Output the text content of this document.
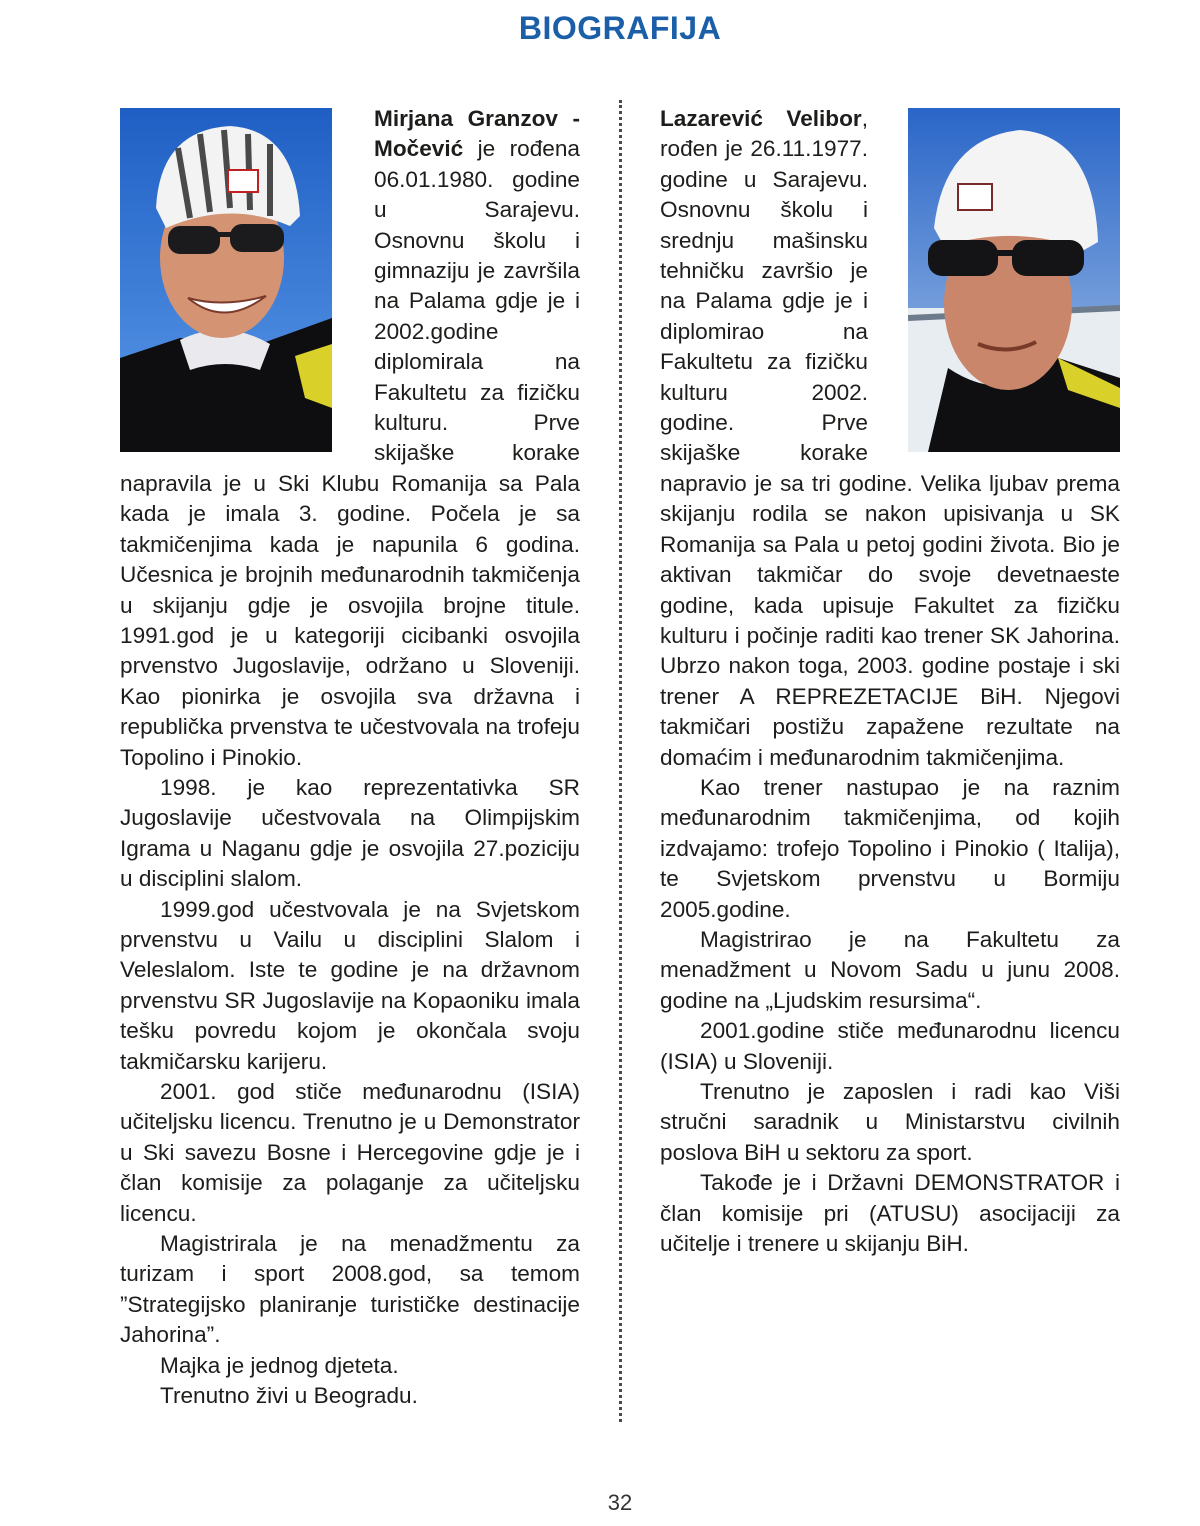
BIOGRAFIJA

Mirjana Granzov - Močević je rođena 06.01.1980. godine u Sarajevu. Osnovnu školu i gimnaziju je završila na Palama gdje je i 2002.godine diplomirala na Fakultetu za fizičku kulturu. Prve skijaške korake napravila je u Ski Klubu Romanija sa Pala kada je imala 3. godine. Počela je sa takmičenjima kada je napunila 6 godina. Učesnica je brojnih međunarodnih takmičenja u skijanju gdje je osvojila brojne titule. 1991.god je u kategoriji cicibanki osvojila prvenstvo Jugoslavije, održano u Sloveniji. Kao pionirka je osvojila sva državna i republička prvenstva te učestvovala na trofeju Topolino i Pinokio.

1998. je kao reprezentativka SR Jugoslavije učestvovala na Olimpijskim Igrama u Naganu gdje je osvojila 27.poziciju u disciplini slalom.

1999.god učestvovala je na Svjetskom prvenstvu u Vailu u disciplini Slalom i Veleslalom. Iste te godine je na državnom prvenstvu SR Jugoslavije na Kopaoniku imala tešku povredu kojom je okončala svoju takmičarsku karijeru.

2001. god stiče međunarodnu (ISIA) učiteljsku licencu. Trenutno je u Demonstrator u Ski savezu Bosne i Hercegovine gdje je i član komisije za polaganje za učiteljsku licencu.

Magistrirala je na menadžmentu za turizam i sport 2008.god, sa temom ”Strategijsko planiranje turističke destinacije Jahorina”.

Majka je jednog djeteta.

Trenutno živi u Beogradu.

Lazarević Velibor, rođen je 26.11.1977. godine u Sarajevu. Osnovnu školu i srednju mašinsku tehničku završio je na Palama gdje je i diplomirao na Fakultetu za fizičku kulturu 2002. godine. Prve skijaške korake napravio je sa tri godine. Velika ljubav prema skijanju rodila se nakon upisivanja u SK Romanija sa Pala u petoj godini života. Bio je aktivan takmičar do svoje devetnaeste godine, kada upisuje Fakultet za fizičku kulturu i počinje raditi kao trener SK Jahorina. Ubrzo nakon toga, 2003. godine postaje i ski trener A REPREZETACIJE BiH. Njegovi takmičari postižu zapažene rezultate na domaćim i međunarodnim takmičenjima.

Kao trener nastupao je na raznim međunarodnim takmičenjima, od kojih izdvajamo: trofejo Topolino i Pinokio ( Italija), te Svjetskom prvenstvu u Bormiju 2005.godine.

Magistrirao je na Fakultetu za menadžment u Novom Sadu u junu 2008. godine na „Ljudskim resursima“.

2001.godine stiče međunarodnu licencu (ISIA) u Sloveniji.

Trenutno je zaposlen i radi kao Viši stručni saradnik u Ministarstvu civilnih poslova BiH u sektoru za sport.

Takođe je i Državni DEMONSTRATOR i član komisije pri (ATUSU) asocijaciji za učitelje i trenere u skijanju BiH.

32
